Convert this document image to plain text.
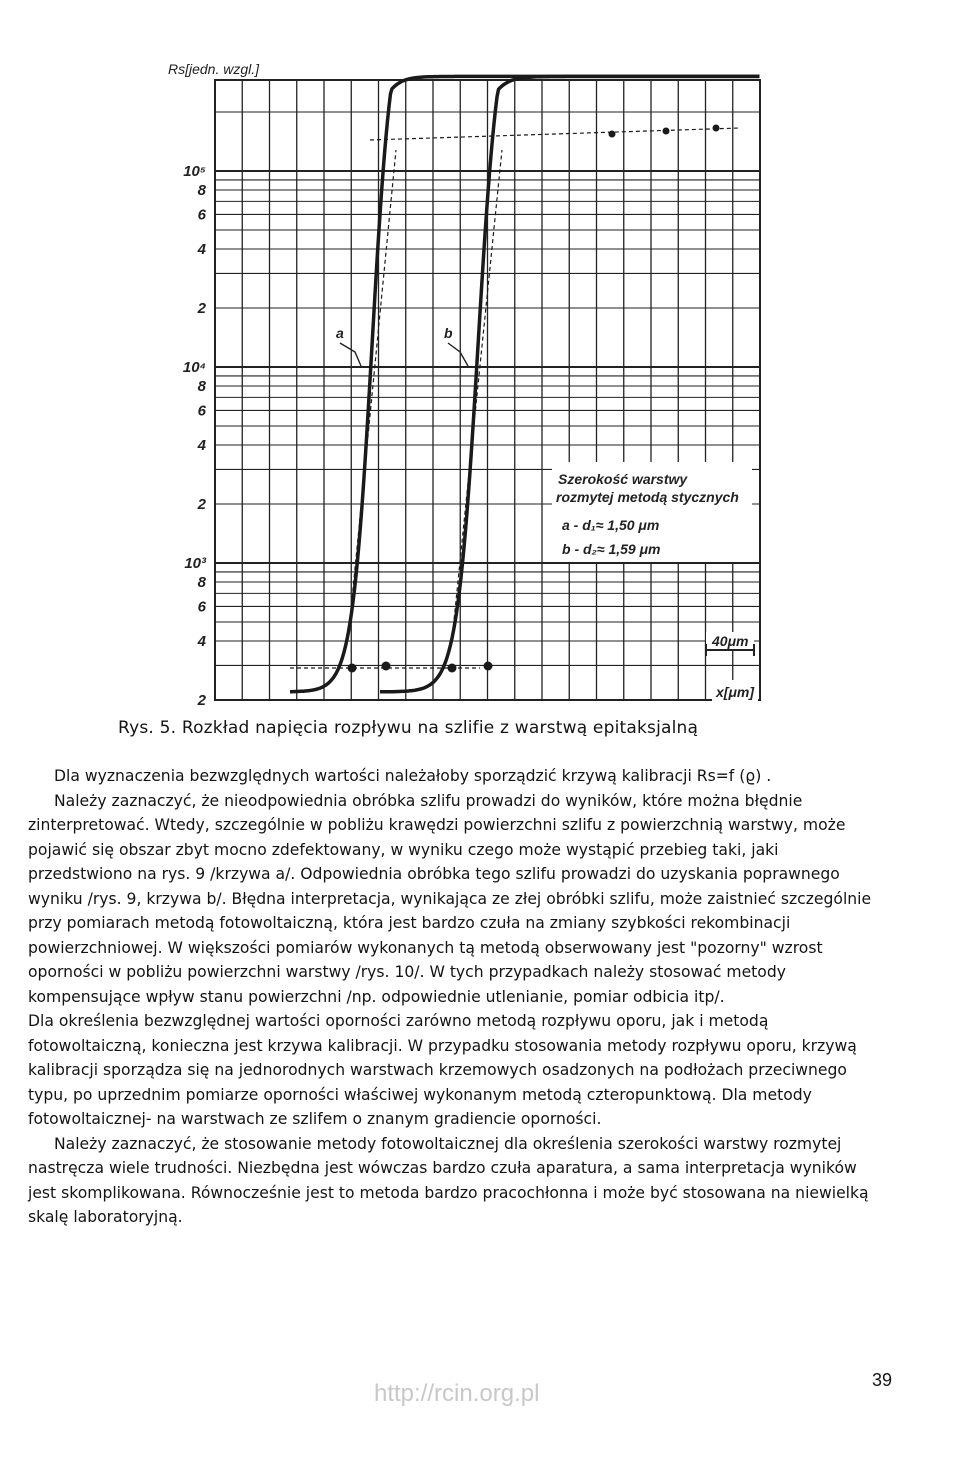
Rs[jedn. wzgl.]
10⁵
8
6
4
2
10⁴
8
6
4
2
10³
8
6
4
2
a	b
Szerokość warstwy
rozmytej metodą stycznych
a - d₁≈ 1,50 μm
b - d₂≈ 1,59 μm
40μm
x[μm]
Rys. 5. Rozkład napięcia rozpływu na szlifie z warstwą epitaksjalną

Dla wyznaczenia bezwzględnych wartości należałoby sporządzić krzywą kalibracji Rs=f (ϱ) .

Należy zaznaczyć, że nieodpowiednia obróbka szlifu prowadzi do wyników, które można błędnie zinterpretować. Wtedy, szczególnie w pobliżu krawędzi powierzchni szlifu z powierzchnią warstwy, może pojawić się obszar zbyt mocno zdefektowany, w wyniku czego może wystąpić przebieg taki, jaki przedstwiono na rys. 9 /krzywa a/. Odpowiednia obróbka tego szlifu prowadzi do uzyskania poprawnego wyniku /rys. 9, krzywa b/. Błędna interpretacja, wynikająca ze złej obróbki szlifu, może zaistnieć szczególnie przy pomiarach metodą fotowoltaiczną, która jest bardzo czuła na zmiany szybkości rekombinacji powierzchniowej. W większości pomiarów wykonanych tą metodą obserwowany jest "pozorny" wzrost oporności w pobliżu powierzchni warstwy /rys. 10/. W tych przypadkach należy stosować metody kompensujące wpływ stanu powierzchni /np. odpowiednie utlenianie, pomiar odbicia itp/.

Dla określenia bezwzględnej wartości oporności zarówno metodą rozpływu oporu, jak i metodą fotowoltaiczną, konieczna jest krzywa kalibracji. W przypadku stosowania metody rozpływu oporu, krzywą kalibracji sporządza się na jednorodnych warstwach krzemowych osadzonych na podłożach przeciwnego typu, po uprzednim pomiarze oporności właściwej wykonanym metodą czteropunktową. Dla metody fotowoltaicznej- na warstwach ze szlifem o znanym gradiencie oporności.

Należy zaznaczyć, że stosowanie metody fotowoltaicznej dla określenia szerokości warstwy rozmytej nastręcza wiele trudności. Niezbędna jest wówczas bardzo czuła aparatura, a sama interpretacja wyników jest skomplikowana. Równocześnie jest to metoda bardzo pracochłonna i może być stosowana na niewielką skalę laboratoryjną.

39
http://rcin.org.pl
